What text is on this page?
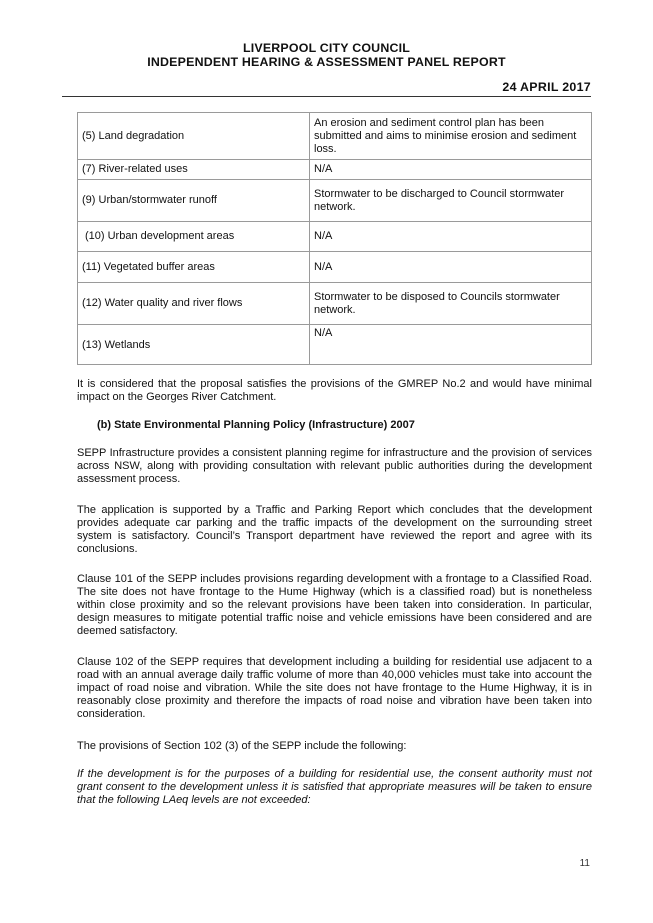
LIVERPOOL CITY COUNCIL
INDEPENDENT HEARING & ASSESSMENT PANEL REPORT
24 APRIL 2017
(5) Land degradation	An erosion and sediment control plan has been submitted and aims to minimise erosion and sediment loss.
(7) River-related uses	N/A
(9) Urban/stormwater runoff	Stormwater to be discharged to Council stormwater network.
(10) Urban development areas	N/A
(11) Vegetated buffer areas	N/A
(12) Water quality and river flows	Stormwater to be disposed to Councils stormwater network.
(13) Wetlands	N/A
It is considered that the proposal satisfies the provisions of the GMREP No.2 and would have minimal impact on the Georges River Catchment.
(b) State Environmental Planning Policy (Infrastructure) 2007
SEPP Infrastructure provides a consistent planning regime for infrastructure and the provision of services across NSW, along with providing consultation with relevant public authorities during the development assessment process.
The application is supported by a Traffic and Parking Report which concludes that the development provides adequate car parking and the traffic impacts of the development on the surrounding street system is satisfactory. Council’s Transport department have reviewed the report and agree with its conclusions.
Clause 101 of the SEPP includes provisions regarding development with a frontage to a Classified Road. The site does not have frontage to the Hume Highway (which is a classified road) but is nonetheless within close proximity and so the relevant provisions have been taken into consideration. In particular, design measures to mitigate potential traffic noise and vehicle emissions have been considered and are deemed satisfactory.
Clause 102 of the SEPP requires that development including a building for residential use adjacent to a road with an annual average daily traffic volume of more than 40,000 vehicles must take into account the impact of road noise and vibration. While the site does not have frontage to the Hume Highway, it is in reasonably close proximity and therefore the impacts of road noise and vibration have been taken into consideration.
The provisions of Section 102 (3) of the SEPP include the following:
If the development is for the purposes of a building for residential use, the consent authority must not grant consent to the development unless it is satisfied that appropriate measures will be taken to ensure that the following LAeq levels are not exceeded:
11
